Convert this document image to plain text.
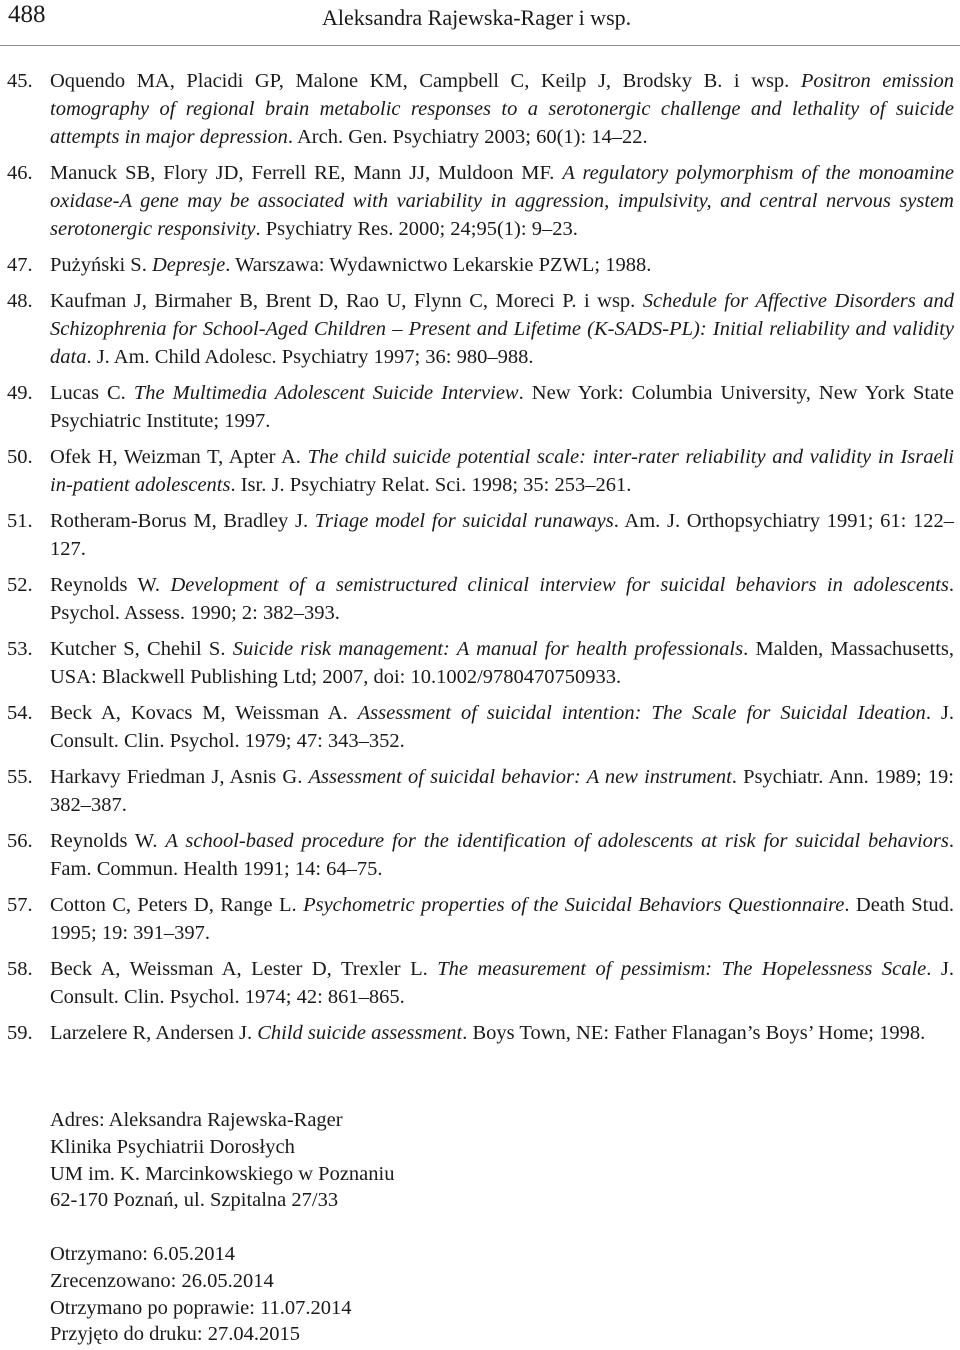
488	Aleksandra Rajewska-Rager i wsp.
45. Oquendo MA, Placidi GP, Malone KM, Campbell C, Keilp J, Brodsky B. i wsp. Positron emission tomography of regional brain metabolic responses to a serotonergic challenge and lethality of suicide attempts in major depression. Arch. Gen. Psychiatry 2003; 60(1): 14–22.
46. Manuck SB, Flory JD, Ferrell RE, Mann JJ, Muldoon MF. A regulatory polymorphism of the monoamine oxidase-A gene may be associated with variability in aggression, impulsivity, and central nervous system serotonergic responsivity. Psychiatry Res. 2000; 24;95(1): 9–23.
47. Pużyński S. Depresje. Warszawa: Wydawnictwo Lekarskie PZWL; 1988.
48. Kaufman J, Birmaher B, Brent D, Rao U, Flynn C, Moreci P. i wsp. Schedule for Affective Disorders and Schizophrenia for School-Aged Children – Present and Lifetime (K-SADS-PL): Initial reliability and validity data. J. Am. Child Adolesc. Psychiatry 1997; 36: 980–988.
49. Lucas C. The Multimedia Adolescent Suicide Interview. New York: Columbia University, New York State Psychiatric Institute; 1997.
50. Ofek H, Weizman T, Apter A. The child suicide potential scale: inter-rater reliability and validity in Israeli in-patient adolescents. Isr. J. Psychiatry Relat. Sci. 1998; 35: 253–261.
51. Rotheram-Borus M, Bradley J. Triage model for suicidal runaways. Am. J. Orthopsychiatry 1991; 61: 122–127.
52. Reynolds W. Development of a semistructured clinical interview for suicidal behaviors in adolescents. Psychol. Assess. 1990; 2: 382–393.
53. Kutcher S, Chehil S. Suicide risk management: A manual for health professionals. Malden, Massachusetts, USA: Blackwell Publishing Ltd; 2007, doi: 10.1002/9780470750933.
54. Beck A, Kovacs M, Weissman A. Assessment of suicidal intention: The Scale for Suicidal Ideation. J. Consult. Clin. Psychol. 1979; 47: 343–352.
55. Harkavy Friedman J, Asnis G. Assessment of suicidal behavior: A new instrument. Psychiatr. Ann. 1989; 19: 382–387.
56. Reynolds W. A school-based procedure for the identification of adolescents at risk for suicidal behaviors. Fam. Commun. Health 1991; 14: 64–75.
57. Cotton C, Peters D, Range L. Psychometric properties of the Suicidal Behaviors Questionnaire. Death Stud. 1995; 19: 391–397.
58. Beck A, Weissman A, Lester D, Trexler L. The measurement of pessimism: The Hopelessness Scale. J. Consult. Clin. Psychol. 1974; 42: 861–865.
59. Larzelere R, Andersen J. Child suicide assessment. Boys Town, NE: Father Flanagan’s Boys’ Home; 1998.
Adres: Aleksandra Rajewska-Rager
Klinika Psychiatrii Dorosłych
UM im. K. Marcinkowskiego w Poznaniu
62-170 Poznań, ul. Szpitalna 27/33
Otrzymano: 6.05.2014
Zrecenzowano: 26.05.2014
Otrzymano po poprawie: 11.07.2014
Przyjęto do druku: 27.04.2015
